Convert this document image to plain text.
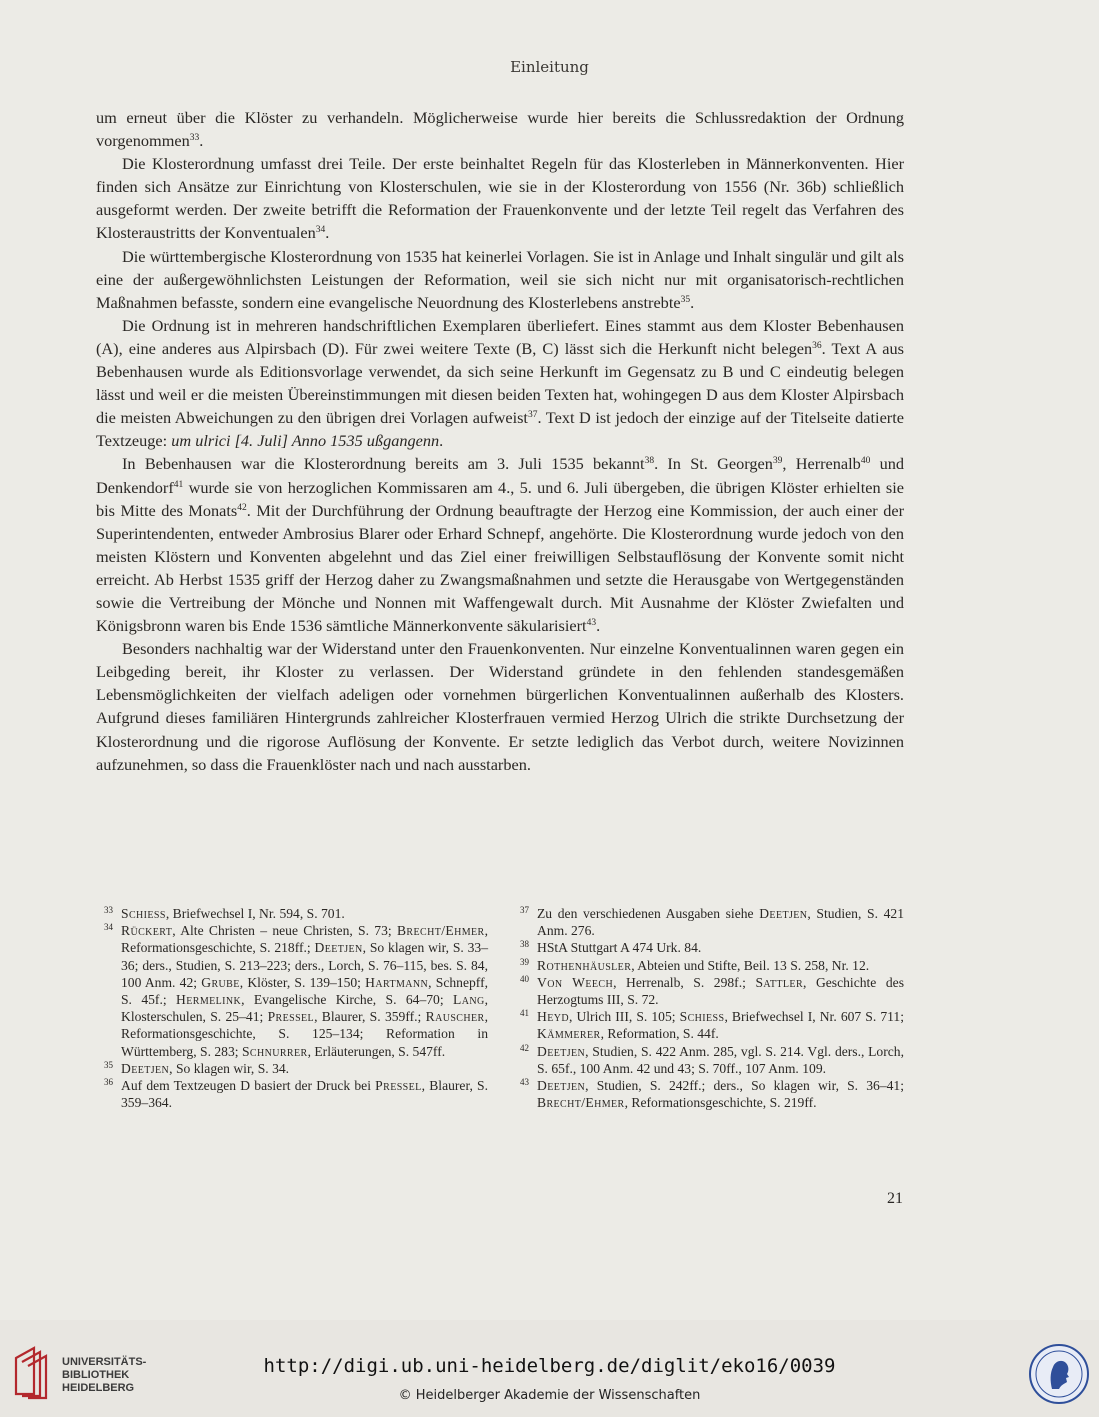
Einleitung

um erneut über die Klöster zu verhandeln. Möglicherweise wurde hier bereits die Schlussredaktion der Ordnung vorgenommen$^{33}$.

Die Klosterordnung umfasst drei Teile. Der erste beinhaltet Regeln für das Klosterleben in Männerkonventen. Hier finden sich Ansätze zur Einrichtung von Klosterschulen, wie sie in der Klosterordung von 1556 (Nr. 36b) schließlich ausgeformt werden. Der zweite betrifft die Reformation der Frauenkonvente und der letzte Teil regelt das Verfahren des Klosteraustritts der Konventualen$^{34}$.

Die württembergische Klosterordnung von 1535 hat keinerlei Vorlagen. Sie ist in Anlage und Inhalt singulär und gilt als eine der außergewöhnlichsten Leistungen der Reformation, weil sie sich nicht nur mit organisatorisch-rechtlichen Maßnahmen befasste, sondern eine evangelische Neuordnung des Klosterlebens anstrebte$^{35}$.

Die Ordnung ist in mehreren handschriftlichen Exemplaren überliefert. Eines stammt aus dem Kloster Bebenhausen (A), eine anderes aus Alpirsbach (D). Für zwei weitere Texte (B, C) lässt sich die Herkunft nicht belegen$^{36}$. Text A aus Bebenhausen wurde als Editionsvorlage verwendet, da sich seine Herkunft im Gegensatz zu B und C eindeutig belegen lässt und weil er die meisten Übereinstimmungen mit diesen beiden Texten hat, wohingegen D aus dem Kloster Alpirsbach die meisten Abweichungen zu den übrigen drei Vorlagen aufweist$^{37}$. Text D ist jedoch der einzige auf der Titelseite datierte Textzeuge: um ulrici [4. Juli] Anno 1535 ußgangenn.

In Bebenhausen war die Klosterordnung bereits am 3. Juli 1535 bekannt$^{38}$. In St. Georgen$^{39}$, Herrenalb$^{40}$ und Denkendorf$^{41}$ wurde sie von herzoglichen Kommissaren am 4., 5. und 6. Juli übergeben, die übrigen Klöster erhielten sie bis Mitte des Monats$^{42}$. Mit der Durchführung der Ordnung beauftragte der Herzog eine Kommission, der auch einer der Superintendenten, entweder Ambrosius Blarer oder Erhard Schnepf, angehörte. Die Klosterordnung wurde jedoch von den meisten Klöstern und Konventen abgelehnt und das Ziel einer freiwilligen Selbstauflösung der Konvente somit nicht erreicht. Ab Herbst 1535 griff der Herzog daher zu Zwangsmaßnahmen und setzte die Herausgabe von Wertgegenständen sowie die Vertreibung der Mönche und Nonnen mit Waffengewalt durch. Mit Ausnahme der Klöster Zwiefalten und Königsbronn waren bis Ende 1536 sämtliche Männerkonvente säkularisiert$^{43}$.

Besonders nachhaltig war der Widerstand unter den Frauenkonventen. Nur einzelne Konventualinnen waren gegen ein Leibgeding bereit, ihr Kloster zu verlassen. Der Widerstand gründete in den fehlenden standesgemäßen Lebensmöglichkeiten der vielfach adeligen oder vornehmen bürgerlichen Konventualinnen außerhalb des Klosters. Aufgrund dieses familiären Hintergrunds zahlreicher Klosterfrauen vermied Herzog Ulrich die strikte Durchsetzung der Klosterordnung und die rigorose Auflösung der Konvente. Er setzte lediglich das Verbot durch, weitere Novizinnen aufzunehmen, so dass die Frauenklöster nach und nach ausstarben.

33 Schiess, Briefwechsel I, Nr. 594, S. 701.
34 Rückert, Alte Christen – neue Christen, S. 73; Brecht/Ehmer, Reformationsgeschichte, S. 218ff.; Deetjen, So klagen wir, S. 33–36; ders., Studien, S. 213–223; ders., Lorch, S. 76–115, bes. S. 84, 100 Anm. 42; Grube, Klöster, S. 139–150; Hartmann, Schnepff, S. 45f.; Hermelink, Evangelische Kirche, S. 64–70; Lang, Klosterschulen, S. 25–41; Pressel, Blaurer, S. 359ff.; Rauscher, Reformationsgeschichte, S. 125–134; Reformation in Württemberg, S. 283; Schnurrer, Erläuterungen, S. 547ff.
35 Deetjen, So klagen wir, S. 34.
36 Auf dem Textzeugen D basiert der Druck bei Pressel, Blaurer, S. 359–364.
37 Zu den verschiedenen Ausgaben siehe Deetjen, Studien, S. 421 Anm. 276.
38 HStA Stuttgart A 474 Urk. 84.
39 Rothenhäusler, Abteien und Stifte, Beil. 13 S. 258, Nr. 12.
40 Von Weech, Herrenalb, S. 298f.; Sattler, Geschichte des Herzogtums III, S. 72.
41 Heyd, Ulrich III, S. 105; Schiess, Briefwechsel I, Nr. 607 S. 711; Kämmerer, Reformation, S. 44f.
42 Deetjen, Studien, S. 422 Anm. 285, vgl. S. 214. Vgl. ders., Lorch, S. 65f., 100 Anm. 42 und 43; S. 70ff., 107 Anm. 109.
43 Deetjen, Studien, S. 242ff.; ders., So klagen wir, S. 36–41; Brecht/Ehmer, Reformationsgeschichte, S. 219ff.
21
UNIVERSITÄTS-
BIBLIOTHEK
HEIDELBERG
http://digi.ub.uni-heidelberg.de/diglit/eko16/0039
© Heidelberger Akademie der Wissenschaften
